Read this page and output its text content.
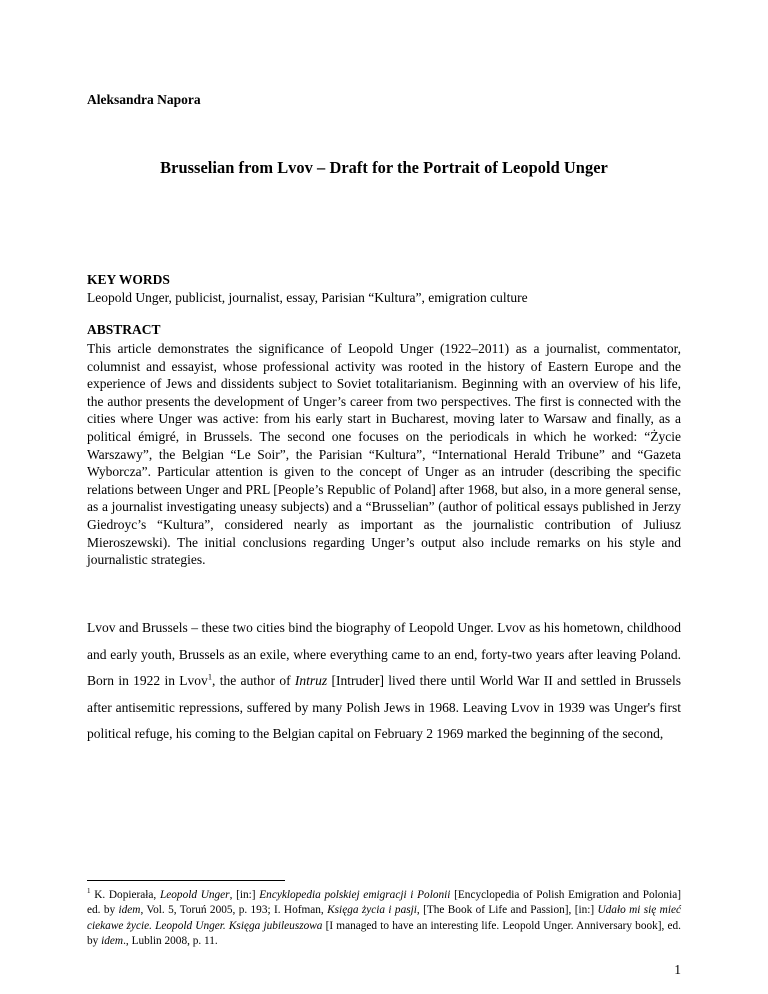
Aleksandra Napora
Brusselian from Lvov – Draft for the Portrait of Leopold Unger
KEY WORDS
Leopold Unger, publicist, journalist, essay, Parisian “Kultura”, emigration culture
ABSTRACT
This article demonstrates the significance of Leopold Unger (1922–2011) as a journalist, commentator, columnist and essayist, whose professional activity was rooted in the history of Eastern Europe and the experience of Jews and dissidents subject to Soviet totalitarianism. Beginning with an overview of his life, the author presents the development of Unger’s career from two perspectives. The first is connected with the cities where Unger was active: from his early start in Bucharest, moving later to Warsaw and finally, as a political émigré, in Brussels. The second one focuses on the periodicals in which he worked: “Życie Warszawy”, the Belgian “Le Soir”, the Parisian “Kultura”, “International Herald Tribune” and “Gazeta Wyborcza”. Particular attention is given to the concept of Unger as an intruder (describing the specific relations between Unger and PRL [People’s Republic of Poland] after 1968, but also, in a more general sense, as a journalist investigating uneasy subjects) and a “Brusselian” (author of political essays published in Jerzy Giedroyc’s “Kultura”, considered nearly as important as the journalistic contribution of Juliusz Mieroszewski). The initial conclusions regarding Unger’s output also include remarks on his style and journalistic strategies.
Lvov and Brussels – these two cities bind the biography of Leopold Unger. Lvov as his hometown, childhood and early youth, Brussels as an exile, where everything came to an end, forty-two years after leaving Poland. Born in 1922 in Lvov$^1$, the author of Intruz [Intruder] lived there until World War II and settled in Brussels after antisemitic repressions, suffered by many Polish Jews in 1968. Leaving Lvov in 1939 was Unger's first political refuge, his coming to the Belgian capital on February 2 1969 marked the beginning of the second,
$^1$ K. Dopierała, Leopold Unger, [in:] Encyklopedia polskiej emigracji i Polonii [Encyclopedia of Polish Emigration and Polonia] ed. by idem, Vol. 5, Toruń 2005, p. 193; I. Hofman, Księga życia i pasji, [The Book of Life and Passion], [in:] Udało mi się mieć ciekawe życie. Leopold Unger. Księga jubileuszowa [I managed to have an interesting life. Leopold Unger. Anniversary book], ed. by idem., Lublin 2008, p. 11.
1
